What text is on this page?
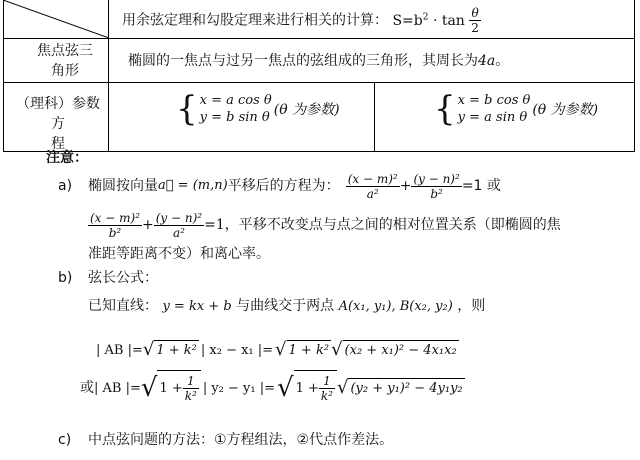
用余弦定理和勾股定理来进行相关的计算： $S=b^2 \cdot \tan \frac{\theta}{2}$
焦点弦三
角形
椭圆的一焦点与过另一焦点的弦组成的三角形，其周长为4a。
（理科）参数方
程
{ x = a cos θ
y = b sin θ (θ 为参数)	{ x = b cos θ
y = a sin θ (θ 为参数)
注意：
a) 椭圆按向量 a⃗ = (m,n) 平移后的方程为： $\frac{\text{(x − m)²}}{\text{a²}} + \frac{\text{(y − n)²}}{\text{b²}} =1$ 或
$\frac{\text{(x − m)²}}{\text{b²}} + \frac{\text{(y − n)²}}{\text{a²}} =1$ ，平移不改变点与点之间的相对位置关系（即椭圆的焦
准距等距离不变）和离心率。
b) 弦长公式：
已知直线： y = kx + b 与曲线交于两点 A(x₁, y₁), B(x₂, y₂) ，则
| AB |= √ 1 + k² | x₂ − x₁ |= √ 1 + k² √ (x₂ + x₁)² − 4x₁x₂
或 | AB |= √ $1 + \frac{1}{\text{k²}}$ | y₂ − y₁ |= √ $1 + \frac{1}{\text{k²}}$ √ (y₂ + y₁)² − 4y₁y₂
c) 中点弦问题的方法：①方程组法，②代点作差法。
